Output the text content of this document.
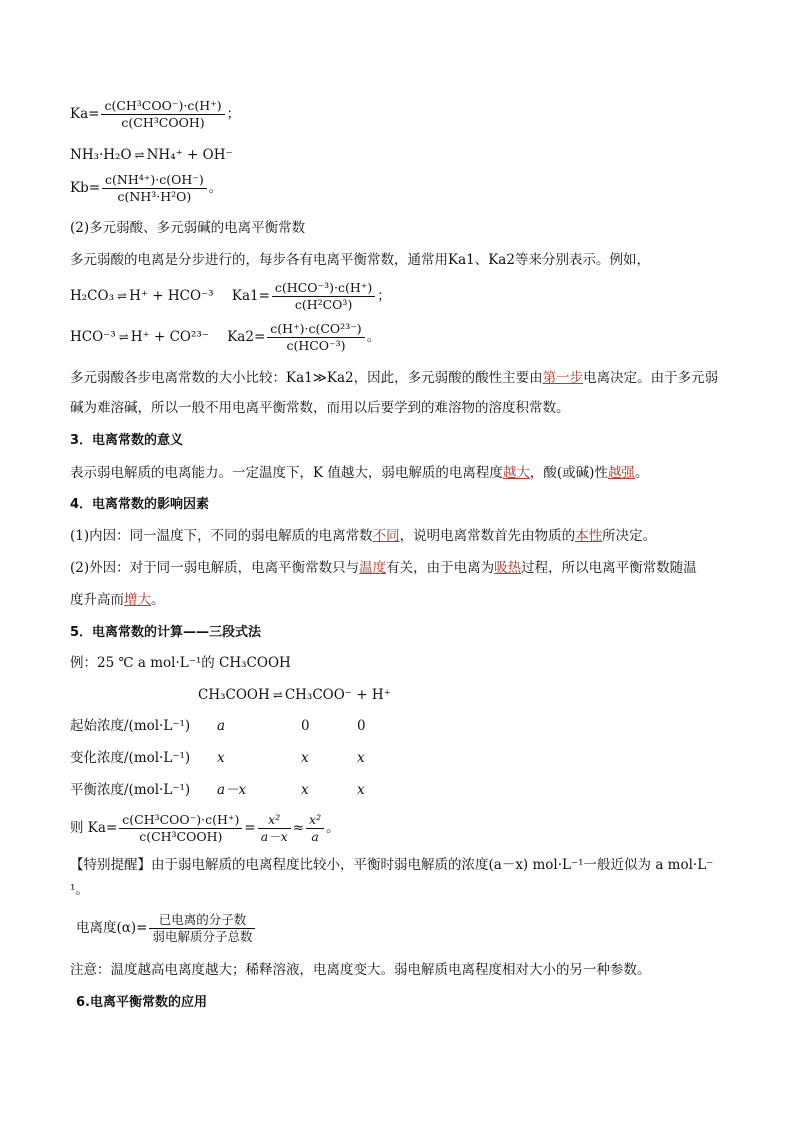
$Ka= \frac{\text{c(CH³COO⁻)·c(H⁺)}}{\text{c(CH³COOH)}}$ ；
NH₃·H₂O ⇌ NH₄⁺ + OH⁻
$Kb= \frac{\text{c(NH⁴⁺)·c(OH⁻)}}{\text{c(NH³·H²O)}}$ 。
(2)多元弱酸、多元弱碱的电离平衡常数
多元弱酸的电离是分步进行的，每步各有电离平衡常数，通常用Ka1、Ka2等来分别表示。例如，
H₂CO₃ ⇌ H⁺ + HCO⁻³ $Ka1= \frac{\text{c(HCO⁻³)·c(H⁺)}}{\text{c(H²CO³)}}$ ；
HCO⁻³ ⇌ H⁺ + CO²³⁻ $Ka2= \frac{\text{c(H⁺)·c(CO²³⁻)}}{\text{c(HCO⁻³)}}$ 。
多元弱酸各步电离常数的大小比较：Ka1≫Ka2，因此，多元弱酸的酸性主要由第一步电离决定。由于多元弱
碱为难溶碱，所以一般不用电离平衡常数，而用以后要学到的难溶物的溶度积常数。
3．电离常数的意义
表示弱电解质的电离能力。一定温度下，K 值越大，弱电解质的电离程度越大，酸(或碱)性越强。
4．电离常数的影响因素
(1)内因：同一温度下，不同的弱电解质的电离常数不同，说明电离常数首先由物质的本性所决定。
(2)外因：对于同一弱电解质，电离平衡常数只与温度有关，由于电离为吸热过程，所以电离平衡常数随温
度升高而增大。
5．电离常数的计算——三段式法
例：25 ℃ a mol·L⁻¹的 CH₃COOH
CH₃COOH ⇌ CH₃COO⁻ + H⁺
起始浓度/(mol·L⁻¹) a	0	0
变化浓度/(mol·L⁻¹) x	x	x
平衡浓度/(mol·L⁻¹) a－x	x	x
则 $Ka= \frac{\text{c(CH³COO⁻)·c(H⁺)}}{\text{c(CH³COOH)}} = \frac{\text{x²}}{a-x} \approx \frac{\text{x²}}{a}$ 。
【特别提醒】由于弱电解质的电离程度比较小，平衡时弱电解质的浓度(a－x) mol·L⁻¹一般近似为 a mol·L⁻
¹。
电离度$(\alpha)= \frac{\text{已电离的分子数}}{\text{弱电解质分子总数}}$
注意：温度越高电离度越大；稀释溶液，电离度变大。弱电解质电离程度相对大小的另一种参数。
6.电离平衡常数的应用
